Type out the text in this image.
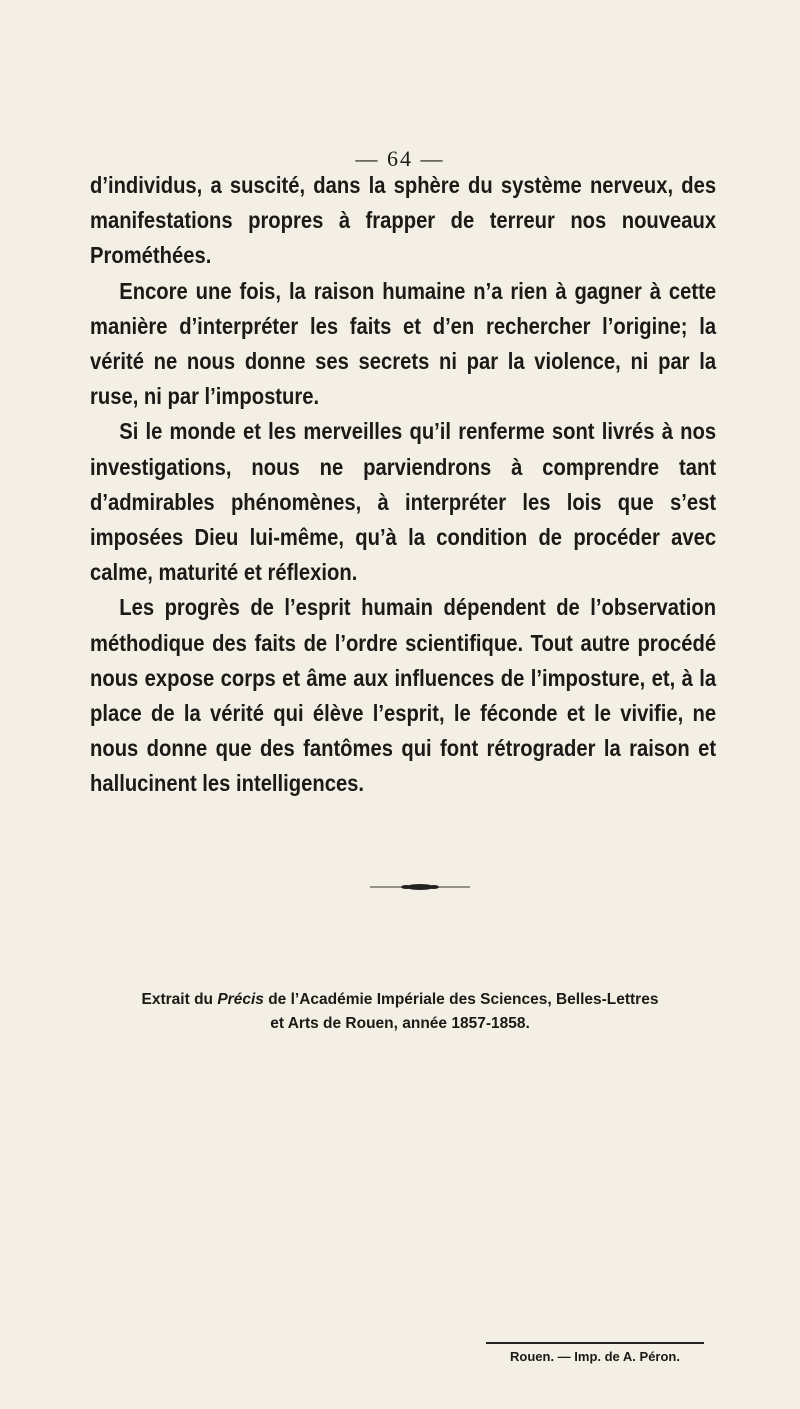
— 64 —

d’individus, a suscité, dans la sphère du système nerveux, des manifestations propres à frapper de terreur nos nouveaux Prométhées.

Encore une fois, la raison humaine n’a rien à gagner à cette manière d’interpréter les faits et d’en rechercher l’origine; la vérité ne nous donne ses secrets ni par la violence, ni par la ruse, ni par l’imposture.

Si le monde et les merveilles qu’il renferme sont livrés à nos investigations, nous ne parviendrons à comprendre tant d’admirables phénomènes, à interpréter les lois que s’est imposées Dieu lui-même, qu’à la condition de procéder avec calme, maturité et réflexion.

Les progrès de l’esprit humain dépendent de l’observation méthodique des faits de l’ordre scientifique. Tout autre procédé nous expose corps et âme aux influences de l’imposture, et, à la place de la vérité qui élève l’esprit, le féconde et le vivifie, ne nous donne que des fantômes qui font rétrograder la raison et hallucinent les intelligences.

Extrait du Précis de l’Académie Impériale des Sciences, Belles-Lettres
et Arts de Rouen, année 1857-1858.
Rouen. — Imp. de A. Péron.
